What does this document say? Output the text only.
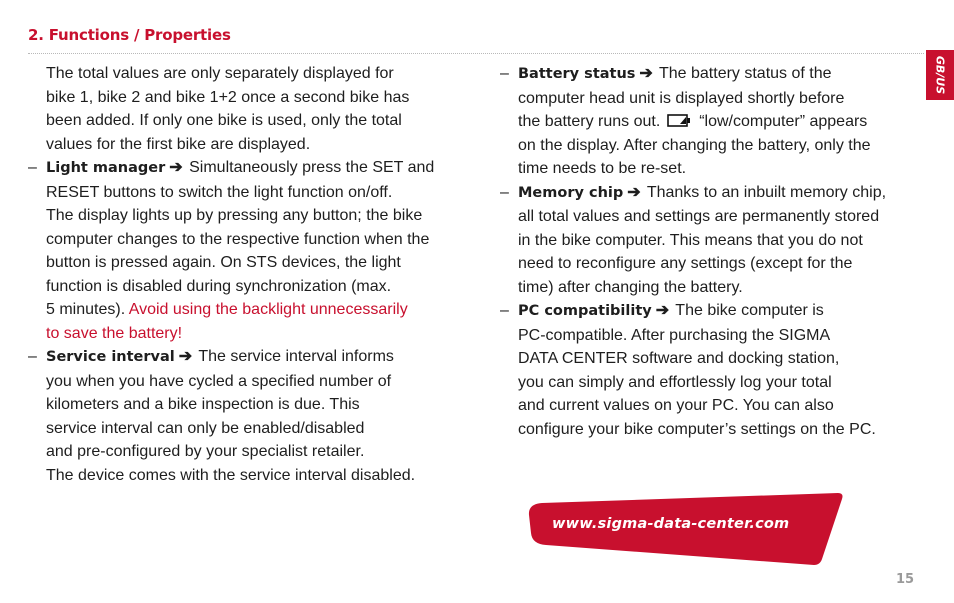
2. Functions / Properties
GB/US

The total values are only separately displayed for
bike 1, bike 2 and bike 1+2 once a second bike has
been added. If only one bike is used, only the total
values for the first bike are displayed.

– Light manager ➔ Simultaneously press the SET and
RESET buttons to switch the light function on/off.
The display lights up by pressing any button; the bike
computer changes to the respective function when the
button is pressed again. On STS devices, the light
function is disabled during synchronization (max.
5 minutes). Avoid using the backlight unnecessarily
to save the battery!

– Service interval ➔ The service interval informs
you when you have cycled a specified number of
kilometers and a bike inspection is due. This
service interval can only be enabled/disabled
and pre-configured by your specialist retailer.
The device comes with the service interval disabled.

– Battery status ➔ The battery status of the
computer head unit is displayed shortly before
the battery runs out. “low/computer” appears
on the display. After changing the battery, only the
time needs to be re-set.

– Memory chip ➔ Thanks to an inbuilt memory chip,
all total values and settings are permanently stored
in the bike computer. This means that you do not
need to reconfigure any settings (except for the
time) after changing the battery.

– PC compatibility ➔ The bike computer is
PC-compatible. After purchasing the SIGMA
DATA CENTER software and docking station,
you can simply and effortlessly log your total
and current values on your PC. You can also
configure your bike computer’s settings on the PC.

www.sigma-data-center.com
15
